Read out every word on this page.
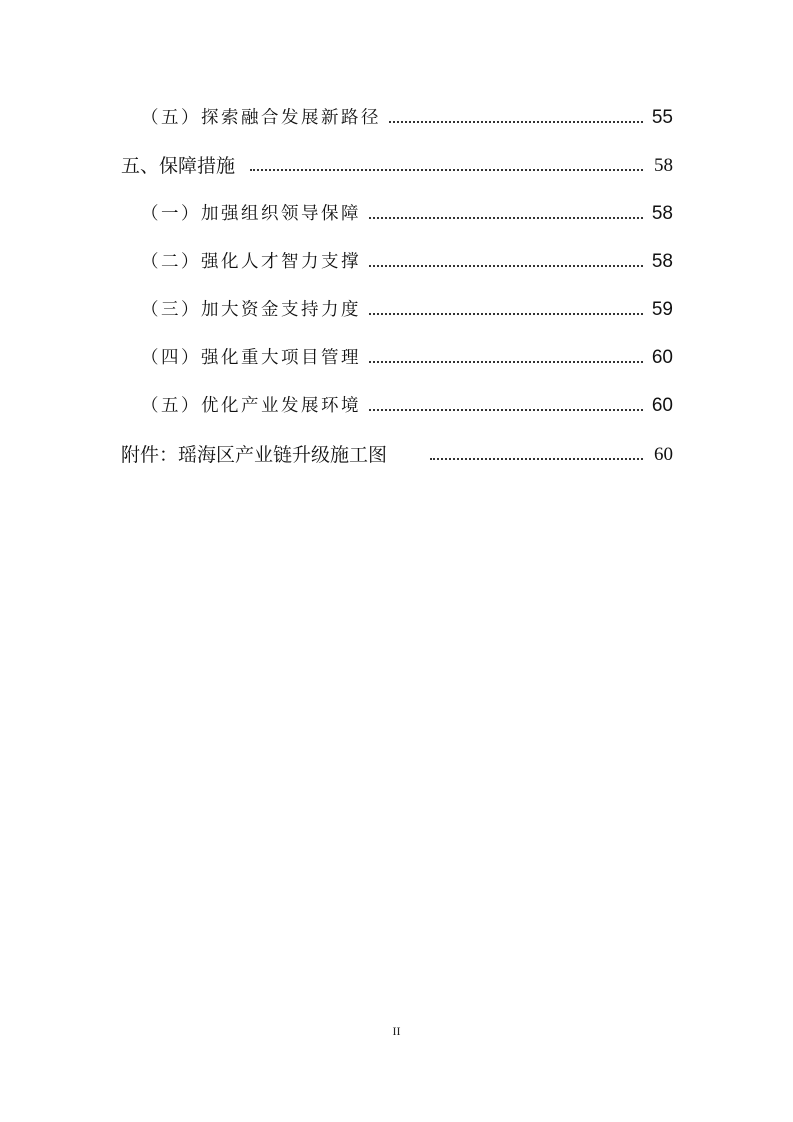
（五）探索融合发展新路径	55
五、保障措施	58
（一）加强组织领导保障	58
（二）强化人才智力支撑	58
（三）加大资金支持力度	59
（四）强化重大项目管理	60
（五）优化产业发展环境	60
附件：瑶海区产业链升级施工图	60
II
